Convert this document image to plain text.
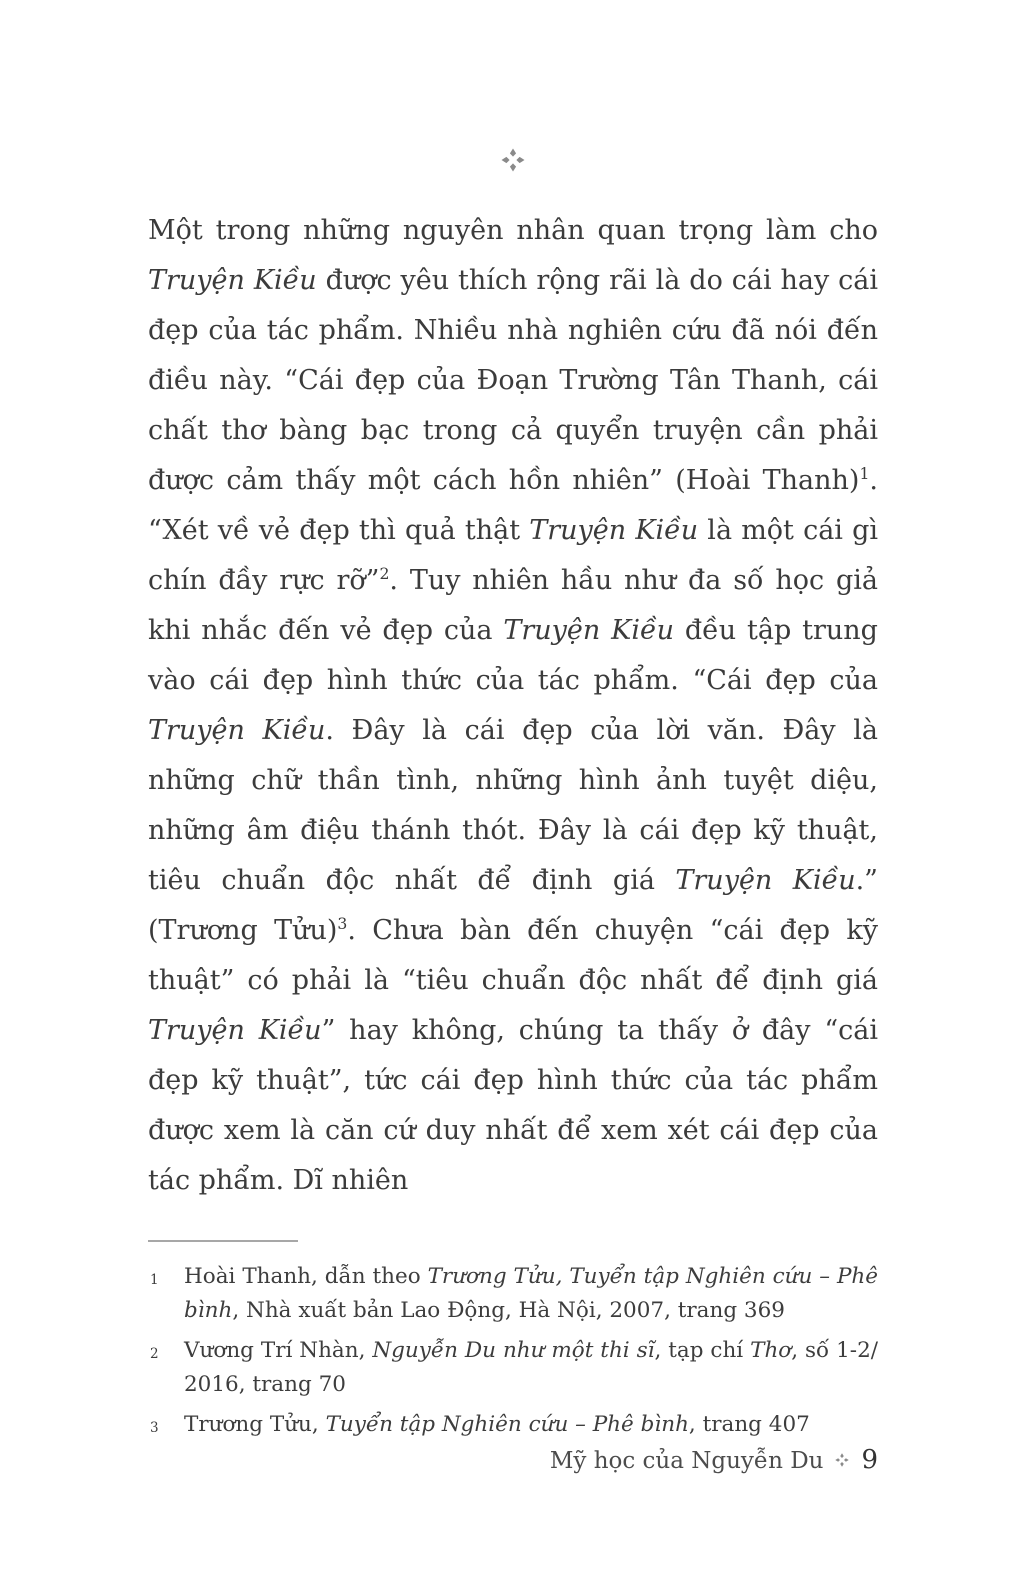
Một trong những nguyên nhân quan trọng làm cho Truyện Kiều được yêu thích rộng rãi là do cái hay cái đẹp của tác phẩm. Nhiều nhà nghiên cứu đã nói đến điều này. “Cái đẹp của Đoạn Trường Tân Thanh, cái chất thơ bàng bạc trong cả quyển truyện cần phải được cảm thấy một cách hồn nhiên” (Hoài Thanh)$^1$. “Xét về vẻ đẹp thì quả thật Truyện Kiều là một cái gì chín đầy rực rỡ”$^2$. Tuy nhiên hầu như đa số học giả khi nhắc đến vẻ đẹp của Truyện Kiều đều tập trung vào cái đẹp hình thức của tác phẩm. “Cái đẹp của Truyện Kiều. Đây là cái đẹp của lời văn. Đây là những chữ thần tình, những hình ảnh tuyệt diệu, những âm điệu thánh thót. Đây là cái đẹp kỹ thuật, tiêu chuẩn độc nhất để định giá Truyện Kiều.” (Trương Tửu)$^3$. Chưa bàn đến chuyện “cái đẹp kỹ thuật” có phải là “tiêu chuẩn độc nhất để định giá Truyện Kiều” hay không, chúng ta thấy ở đây “cái đẹp kỹ thuật”, tức cái đẹp hình thức của tác phẩm được xem là căn cứ duy nhất để xem xét cái đẹp của tác phẩm. Dĩ nhiên
1	Hoài Thanh, dẫn theo Trương Tửu, Tuyển tập Nghiên cứu – Phê bình, Nhà xuất bản Lao Động, Hà Nội, 2007, trang 369
2	Vương Trí Nhàn, Nguyễn Du như một thi sĩ, tạp chí Thơ, số 1-2/ 2016, trang 70
3	Trương Tửu, Tuyển tập Nghiên cứu – Phê bình, trang 407
Mỹ học của Nguyễn Du 9
